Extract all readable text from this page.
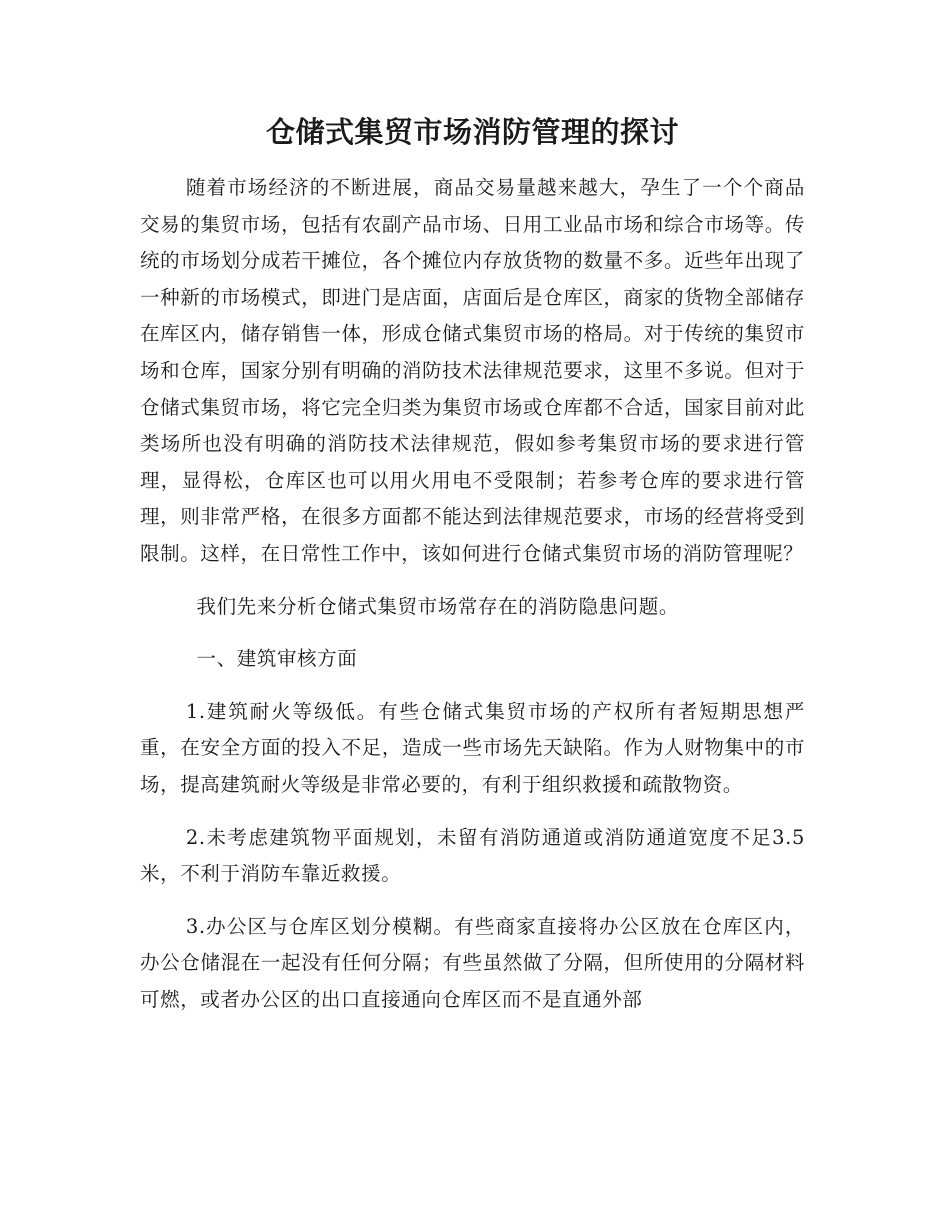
仓储式集贸市场消防管理的探讨

随着市场经济的不断进展，商品交易量越来越大，孕生了一个个商品交易的集贸市场，包括有农副产品市场、日用工业品市场和综合市场等。传统的市场划分成若干摊位，各个摊位内存放货物的数量不多。近些年出现了一种新的市场模式，即进门是店面，店面后是仓库区，商家的货物全部储存在库区内，储存销售一体，形成仓储式集贸市场的格局。对于传统的集贸市场和仓库，国家分别有明确的消防技术法律规范要求，这里不多说。但对于仓储式集贸市场，将它完全归类为集贸市场或仓库都不合适，国家目前对此类场所也没有明确的消防技术法律规范，假如参考集贸市场的要求进行管理，显得松，仓库区也可以用火用电不受限制；若参考仓库的要求进行管理，则非常严格，在很多方面都不能达到法律规范要求，市场的经营将受到限制。这样，在日常性工作中，该如何进行仓储式集贸市场的消防管理呢？

我们先来分析仓储式集贸市场常存在的消防隐患问题。

一、建筑审核方面

1.建筑耐火等级低。有些仓储式集贸市场的产权所有者短期思想严重，在安全方面的投入不足，造成一些市场先天缺陷。作为人财物集中的市场，提高建筑耐火等级是非常必要的，有利于组织救援和疏散物资。

2.未考虑建筑物平面规划，未留有消防通道或消防通道宽度不足3.5米，不利于消防车靠近救援。

3.办公区与仓库区划分模糊。有些商家直接将办公区放在仓库区内，办公仓储混在一起没有任何分隔；有些虽然做了分隔，但所使用的分隔材料可燃，或者办公区的出口直接通向仓库区而不是直通外部
